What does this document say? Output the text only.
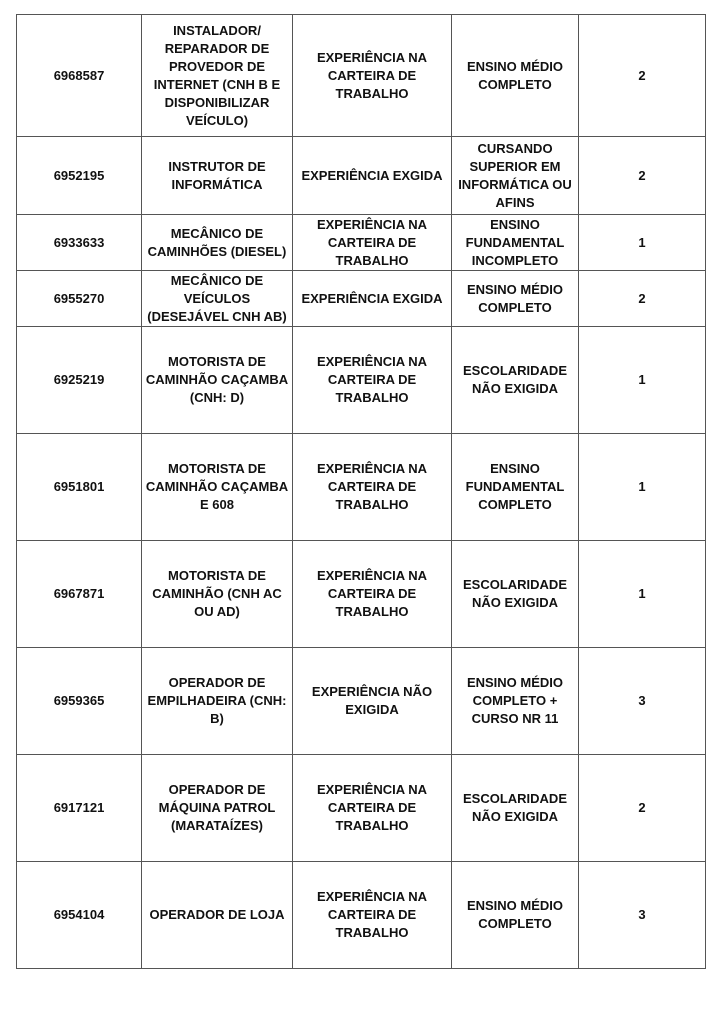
6968587	INSTALADOR/ REPARADOR DE PROVEDOR DE INTERNET (CNH B E DISPONIBILIZAR VEÍCULO)	EXPERIÊNCIA NA CARTEIRA DE TRABALHO	ENSINO MÉDIO COMPLETO	2
6952195	INSTRUTOR DE INFORMÁTICA	EXPERIÊNCIA EXGIDA	CURSANDO SUPERIOR EM INFORMÁTICA OU AFINS	2
6933633	MECÂNICO DE CAMINHÕES (DIESEL)	EXPERIÊNCIA NA CARTEIRA DE TRABALHO	ENSINO FUNDAMENTAL INCOMPLETO	1
6955270	MECÂNICO DE VEÍCULOS (DESEJÁVEL CNH AB)	EXPERIÊNCIA EXGIDA	ENSINO MÉDIO COMPLETO	2
6925219	MOTORISTA DE CAMINHÃO CAÇAMBA (CNH: D)	EXPERIÊNCIA NA CARTEIRA DE TRABALHO	ESCOLARIDADE NÃO EXIGIDA	1
6951801	MOTORISTA DE CAMINHÃO CAÇAMBA E 608	EXPERIÊNCIA NA CARTEIRA DE TRABALHO	ENSINO FUNDAMENTAL COMPLETO	1
6967871	MOTORISTA DE CAMINHÃO (CNH AC OU AD)	EXPERIÊNCIA NA CARTEIRA DE TRABALHO	ESCOLARIDADE NÃO EXIGIDA	1
6959365	OPERADOR DE EMPILHADEIRA (CNH: B)	EXPERIÊNCIA NÃO EXIGIDA	ENSINO MÉDIO COMPLETO + CURSO NR 11	3
6917121	OPERADOR DE MÁQUINA PATROL (MARATAÍZES)	EXPERIÊNCIA NA CARTEIRA DE TRABALHO	ESCOLARIDADE NÃO EXIGIDA	2
6954104	OPERADOR DE LOJA	EXPERIÊNCIA NA CARTEIRA DE TRABALHO	ENSINO MÉDIO COMPLETO	3
